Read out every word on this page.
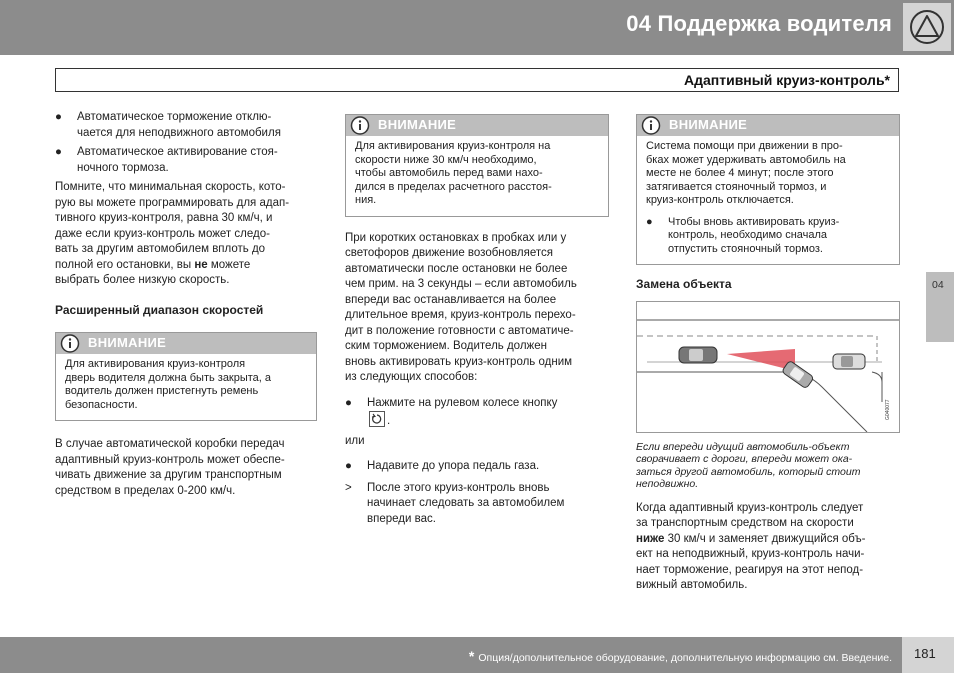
04 Поддержка водителя
Адаптивный круиз-контроль*
● Автоматическое торможение отклю-
чается для неподвижного автомобиля
● Автоматическое активирование стоя-
ночного тормоза.
Помните, что минимальная скорость, кото-
рую вы можете программировать для адап-
тивного круиз-контроля, равна 30 км/ч, и
даже если круиз-контроль может следо-
вать за другим автомобилем вплоть до
полной его остановки, вы не можете
выбрать более низкую скорость.
Расширенный диапазон скоростей
ВНИМАНИЕ
Для активирования круиз-контроля
дверь водителя должна быть закрыта, а
водитель должен пристегнуть ремень
безопасности.
В случае автоматической коробки передач
адаптивный круиз-контроль может обеспе-
чивать движение за другим транспортным
средством в пределах 0-200 км/ч.
ВНИМАНИЕ
Для активирования круиз-контроля на
скорости ниже 30 км/ч необходимо,
чтобы автомобиль перед вами нахо-
дился в пределах расчетного расстоя-
ния.
При коротких остановках в пробках или у
светофоров движение возобновляется
автоматически после остановки не более
чем прим. на 3 секунды – если автомобиль
впереди вас останавливается на более
длительное время, круиз-контроль перехо-
дит в положение готовности с автоматиче-
ским торможением. Водитель должен
вновь активировать круиз-контроль одним
из следующих способов:
● Нажмите на рулевом колесе кнопку

.

или
● Надавите до упора педаль газа.
> После этого круиз-контроль вновь
начинает следовать за автомобилем
впереди вас.
ВНИМАНИЕ
Система помощи при движении в про-
бках может удерживать автомобиль на
месте не более 4 минут; после этого
затягивается стояночный тормоз, и
круиз-контроль отключается.
● Чтобы вновь активировать круиз-
контроль, необходимо сначала
отпустить стояночный тормоз.
Замена объекта
G040077
Если впереди идущий автомобиль-объект
сворачивает с дороги, впереди может ока-
заться другой автомобиль, который стоит
неподвижно.
Когда адаптивный круиз-контроль следует
за транспортным средством на скорости
ниже 30 км/ч и заменяет движущийся объ-
ект на неподвижный, круиз-контроль начи-
нает торможение, реагируя на этот непод-
вижный автомобиль.
04
* Опция/дополнительное оборудование, дополнительную информацию см. Введение. 181
